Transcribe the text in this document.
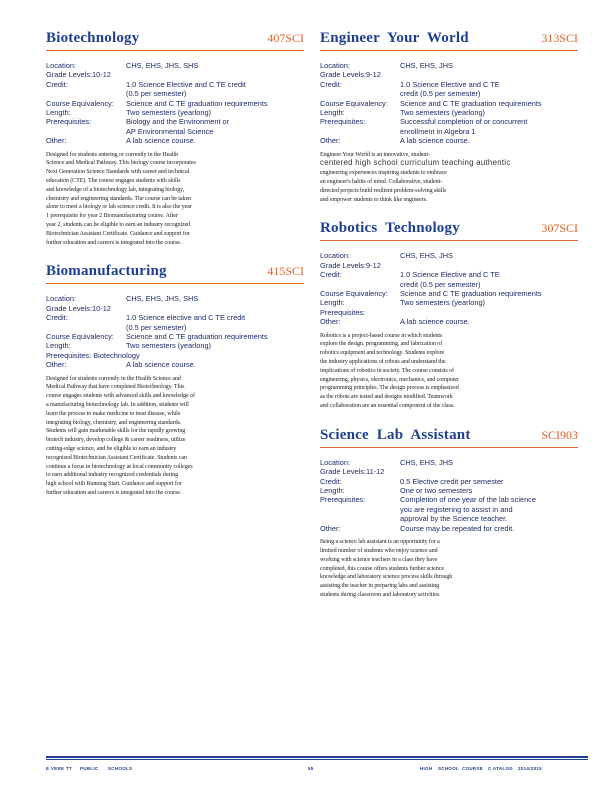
Biotechnology	407SCI
Location:	CHS, EHS, JHS, SHS
Grade Levels:10-12
Credit:	1.0 Science Elective and C TE credit
(0.5 per semester)
Course Equivalency:	Science and C TE graduation requirements
Length:	Two semesters (yearlong)
Prerequisites:	Biology and the Environment or
AP Environmental Science
Other:	A lab science course.
Designed for students entering or currently in the Health
Science and Medical Pathway. This biology course incorporates
Next Generation Science Standards with career and technical
education (CTE). The course engages students with skills
and knowledge of a biotechnology lab, integrating biology,
chemistry and engineering standards. The course can be taken
alone to meet a biology or lab science credit. It is also the year
1 prerequisite for year 2 Biomanufacturing course. After
year 2, students can be eligible to earn an industry recognized
Biotechnician Assistant Certificate. Guidance and support for
further education and careers is integrated into the course.
Biomanufacturing	415SCI
Location:	CHS, EHS, JHS, SHS
Grade Levels:10-12
Credit:	1.0 Science elective and C TE credit
(0.5 per semester)
Course Equivalency:	Science and C TE graduation requirements
Length:	Two semesters (yearlong)
Prerequisites: Biotechnology
Other:	A lab science course.
Designed for students currently in the Health Science and
Medical Pathway that have completed Biotechnology. This
course engages students with advanced skills and knowledge of
a manufacturing biotechnology lab. In addition, students will
learn the process to make medicine to treat disease, while
integrating biology, chemistry, and engineering standards.
Students will gain marketable skills for the rapidly growing
biotech industry, develop college & career readiness, utilize
cutting-edge science, and be eligible to earn an industry
recognized Biotechnician Assistant Certificate. Students can
continue a focus in biotechnology at local community colleges
to earn additional industry recognized credentials during
high school with Running Start. Guidance and support for
further education and careers is integrated into the course.
Engineer Your World	313SCI
Location:	CHS, EHS, JHS
Grade Levels:9-12
Credit:	1.0 Science Elective and C TE
credit (0.5 per semester)
Course Equivalency:	Science and C TE graduation requirements
Length:	Two semesters (yearlong)
Prerequisites:	Successful completion of or concurrent
enrollment in Algebra 1
Other:	A lab science course.
Engineer Your World is an innovative, student-
centered high school curriculum teaching authentic
engineering experiences inspiring students to embrace
an engineer's habits of mind. Collaborative, student-
directed projects build resilient problem-solving skills
and empower students to think like engineers.
Robotics Technology	307SCI
Location:	CHS, EHS, JHS
Grade Levels:9-12
Credit:	1.0 Science Elective and C TE
credit (0.5 per semester)
Course Equivalency:	Science and C TE graduation requirements
Length:	Two semesters (yearlong)
Prerequisites:
Other:	A lab science course.
Robotics is a project-based course in which students
explore the design, programming, and fabrication of
robotics equipment and technology. Students explore
the industry applications of robots and understand the
implications of robotics in society. The course consists of
engineering, physics, electronics, mechanics, and computer
programming principles. The design process is emphasized
as the robots are tested and designs modified. Teamwork
and collaboration are an essential component of the class.
Science Lab Assistant	SCI903
Location:	CHS, EHS, JHS
Grade Levels:11-12
Credit:	0.5 Elective credit per semester
Length:	One or two semesters
Prerequisites:	Completion of one year of the lab science
you are registering to assist in and
approval by the Science teacher.
Other:	Course may be repeated for credit.
Being a science lab assistant is an opportunity for a
limited number of students who enjoy science and
working with science teachers in a class they have
completed, this course offers students further science
knowledge and laboratory science process skills through
assisting the teacher in preparing labs and assisting
students during classroom and laboratory activities.
E VERE TT PUBLIC SCHOOLS	55	HIGH SCHOOL COURSE C ATALOG 2014/2015
